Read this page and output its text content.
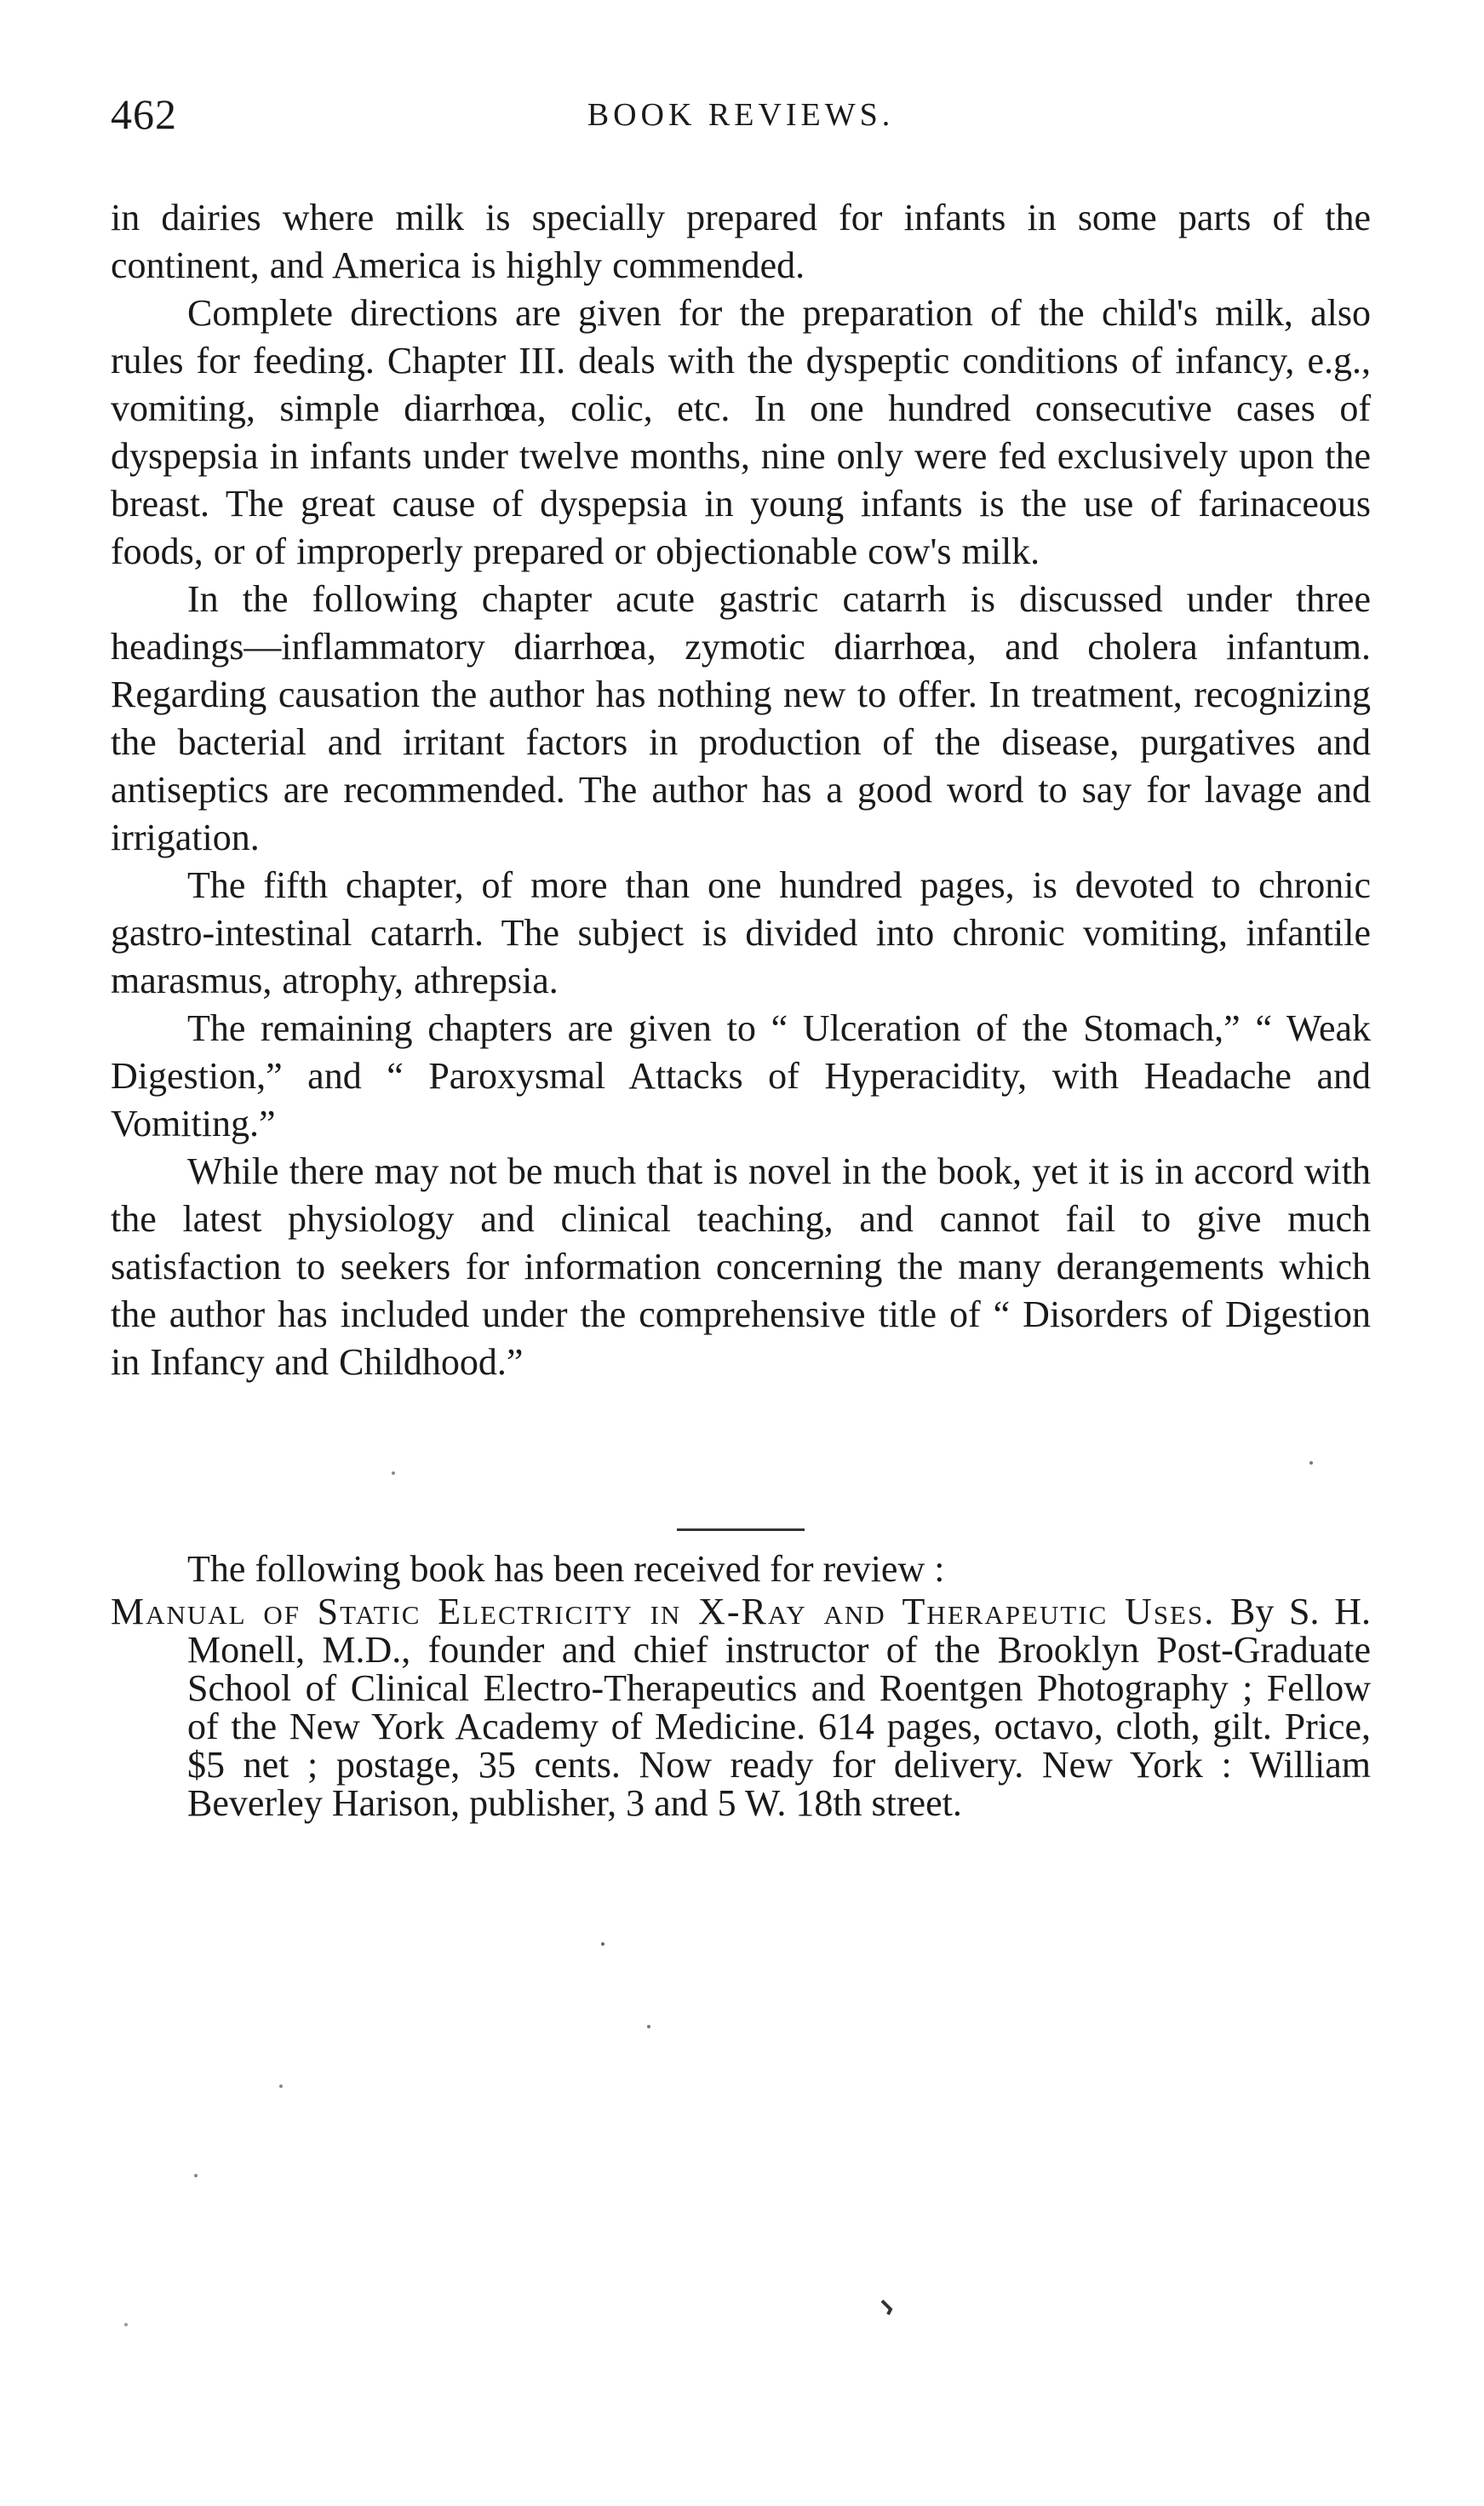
462	BOOK REVIEWS.

in dairies where milk is specially prepared for infants in some parts of the continent, and America is highly commended.

Complete directions are given for the preparation of the child's milk, also rules for feeding. Chapter III. deals with the dyspeptic conditions of infancy, e.g., vomiting, simple diarrhœa, colic, etc. In one hundred consecutive cases of dyspepsia in infants under twelve months, nine only were fed exclusively upon the breast. The great cause of dyspepsia in young infants is the use of farinaceous foods, or of improperly prepared or objectionable cow's milk.

In the following chapter acute gastric catarrh is discussed under three headings—inflammatory diarrhœa, zymotic diarrhœa, and cholera infantum. Regarding causation the author has nothing new to offer. In treatment, recognizing the bacterial and irritant factors in production of the disease, purgatives and antiseptics are recommended. The author has a good word to say for lavage and irrigation.

The fifth chapter, of more than one hundred pages, is devoted to chronic gastro-intestinal catarrh. The subject is divided into chronic vomiting, infantile marasmus, atrophy, athrepsia.

The remaining chapters are given to “ Ulceration of the Stomach,” “ Weak Digestion,” and “ Paroxysmal Attacks of Hyperacidity, with Headache and Vomiting.”

While there may not be much that is novel in the book, yet it is in accord with the latest physiology and clinical teaching, and cannot fail to give much satisfaction to seekers for information concerning the many derangements which the author has included under the comprehensive title of “ Disorders of Digestion in Infancy and Childhood.”

The following book has been received for review :
Manual of Static Electricity in X-Ray and Therapeutic Uses. By S. H. Monell, M.D., founder and chief instructor of the Brooklyn Post-Graduate School of Clinical Electro-Therapeutics and Roentgen Photography ; Fellow of the New York Academy of Medicine. 614 pages, octavo, cloth, gilt. Price, $5 net ; postage, 35 cents. Now ready for delivery. New York : William Beverley Harison, publisher, 3 and 5 W. 18th street.
